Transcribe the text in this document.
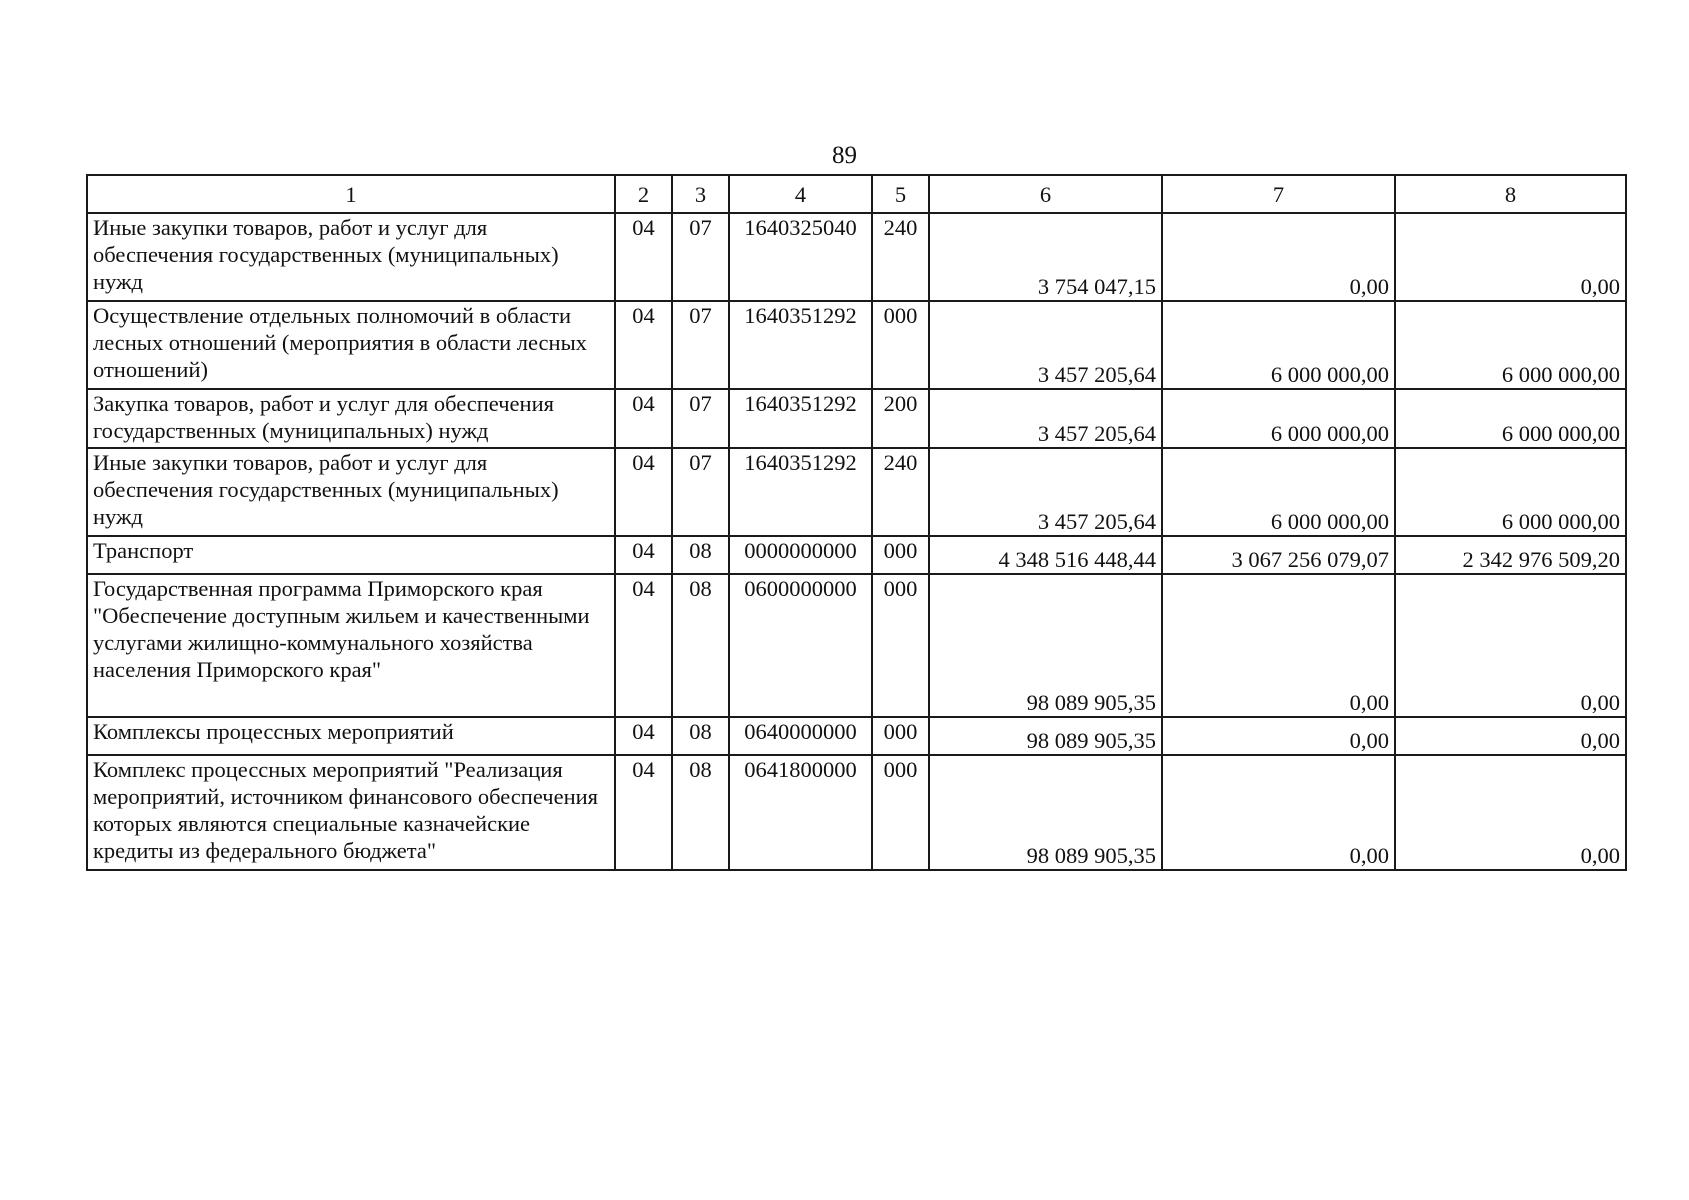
89
1	2	3	4	5	6	7	8
Иные закупки товаров, работ и услуг для обеспечения государственных (муниципальных) нужд	04	07	1640325040	240	3 754 047,15	0,00	0,00
Осуществление отдельных полномочий в области лесных отношений (мероприятия в области лесных отношений)	04	07	1640351292	000	3 457 205,64	6 000 000,00	6 000 000,00
Закупка товаров, работ и услуг для обеспечения государственных (муниципальных) нужд	04	07	1640351292	200	3 457 205,64	6 000 000,00	6 000 000,00
Иные закупки товаров, работ и услуг для обеспечения государственных (муниципальных) нужд	04	07	1640351292	240	3 457 205,64	6 000 000,00	6 000 000,00
Транспорт	04	08	0000000000	000	4 348 516 448,44	3 067 256 079,07	2 342 976 509,20
Государственная программа Приморского края "Обеспечение доступным жильем и качественными услугами жилищно-коммунального хозяйства населения Приморского края"	04	08	0600000000	000	98 089 905,35	0,00	0,00
Комплексы процессных мероприятий	04	08	0640000000	000	98 089 905,35	0,00	0,00
Комплекс процессных мероприятий "Реализация мероприятий, источником финансового обеспечения которых являются специальные казначейские кредиты из федерального бюджета"	04	08	0641800000	000	98 089 905,35	0,00	0,00
